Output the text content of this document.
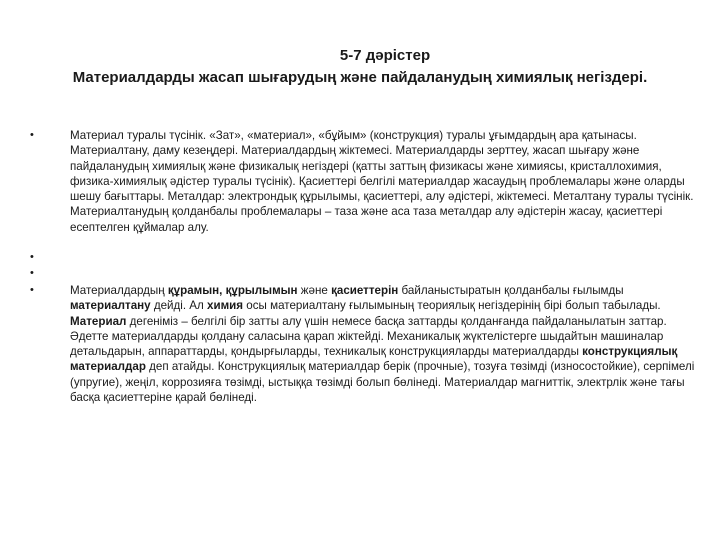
5-7 дәрістер
Материалдарды жасап шығарудың және пайдаланудың химиялық негіздері.
•	Материал туралы түсінік. «Зат», «материал», «бұйым» (конструкция) туралы ұғымдардың ара қатынасы. Материалтану, даму кезеңдері. Материалдардың жіктемесі. Материалдарды зерттеу, жасап шығару және пайдаланудың химиялық және физикалық негіздері (қатты заттың физикасы және химиясы, кристаллохимия, физика-химиялық әдістер туралы түсінік). Қасиеттері белгілі материалдар жасаудың проблемалары және оларды шешу бағыттары. Металдар: электрондық құрылымы, қасиеттері, алу әдістері, жіктемесі. Металтану туралы түсінік. Материалтанудың қолданбалы проблемалары – таза және аса таза металдар алу әдістерін жасау, қасиеттері есептелген құймалар алу.
•
•
•	Материалдардың құрамын, құрылымын және қасиеттерін байланыстыратын қолданбалы ғылымды материалтану дейді. Ал химия осы материалтану ғылымының теориялық негіздерінің бірі болып табылады. Материал дегеніміз – белгілі бір затты алу үшін немесе басқа заттарды қолданғанда пайдаланылатын заттар. Әдетте материалдарды қолдану саласына қарап жіктейді. Механикалық жүктелістерге шыдайтын машиналар детальдарын, аппараттарды, қондырғыларды, техникалық конструкцияларды материалдарды конструкциялық материалдар деп атайды. Конструкциялық материалдар берік (прочные), тозуға төзімді (износостойкие), серпімелі (упругие), жеңіл, коррозияға төзімді, ыстыққа төзімді болып бөлінеді. Материалдар магниттік, электрлік және тағы басқа қасиеттеріне қарай бөлінеді.
